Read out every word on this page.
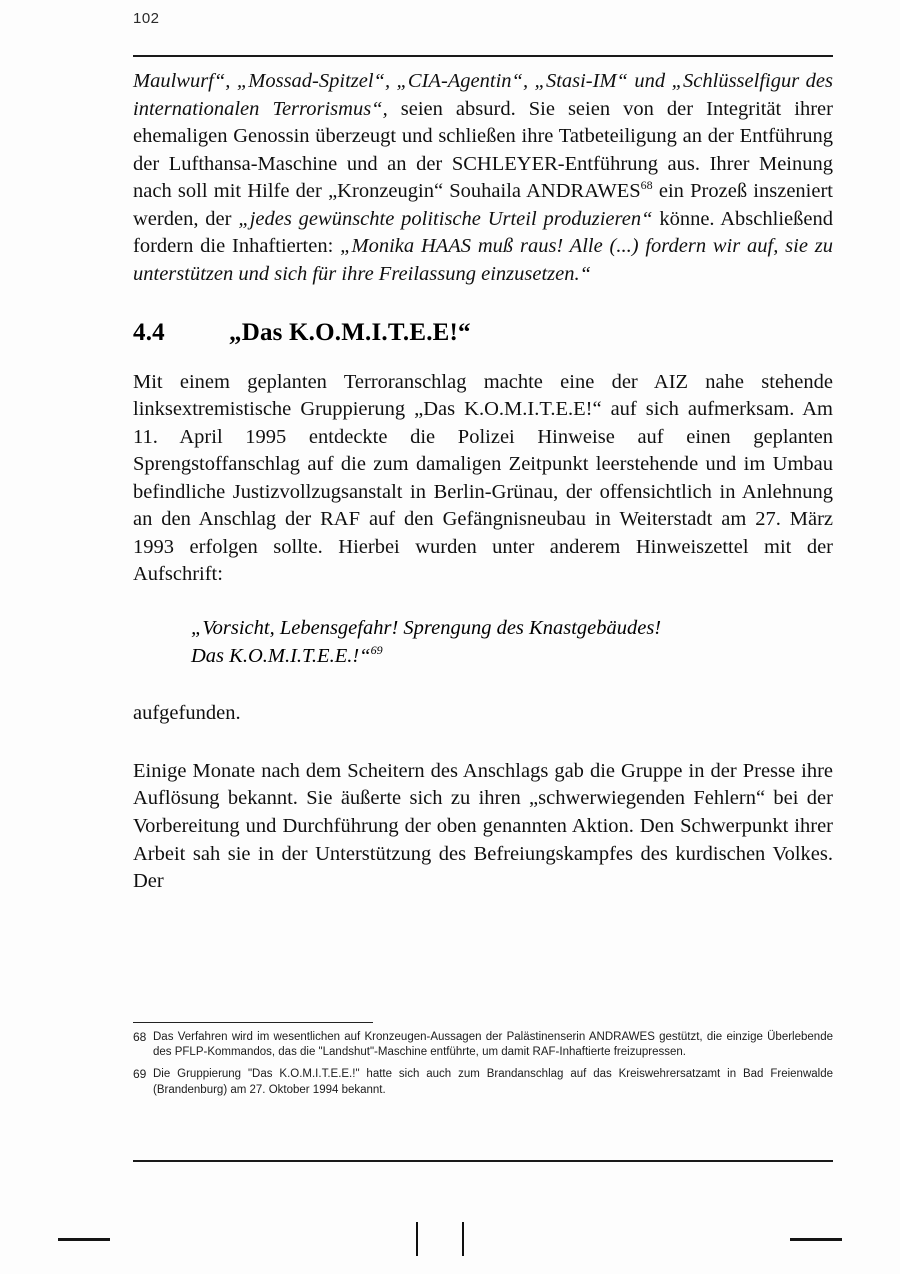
102

Maulwurf“, „Mossad-Spitzel“, „CIA-Agentin“, „Stasi-IM“ und „Schlüsselfigur des internationalen Terrorismus“, seien absurd. Sie seien von der Integrität ihrer ehemaligen Genossin überzeugt und schließen ihre Tatbeteiligung an der Entführung der Lufthansa-Maschine und an der SCHLEYER-Entführung aus. Ihrer Meinung nach soll mit Hilfe der „Kronzeugin“ Souhaila ANDRAWES$^{68}$ ein Prozeß inszeniert werden, der „jedes gewünschte politische Urteil produzieren“ könne. Abschließend fordern die Inhaftierten: „Monika HAAS muß raus! Alle (...) fordern wir auf, sie zu unterstützen und sich für ihre Freilassung einzusetzen.“

4.4	„Das K.O.M.I.T.E.E!“

Mit einem geplanten Terroranschlag machte eine der AIZ nahe stehende linksextremistische Gruppierung „Das K.O.M.I.T.E.E!“ auf sich aufmerksam. Am 11. April 1995 entdeckte die Polizei Hinweise auf einen geplanten Sprengstoffanschlag auf die zum damaligen Zeitpunkt leerstehende und im Umbau befindliche Justizvollzugsanstalt in Berlin-Grünau, der offensichtlich in Anlehnung an den Anschlag der RAF auf den Gefängnisneubau in Weiterstadt am 27. März 1993 erfolgen sollte. Hierbei wurden unter anderem Hinweiszettel mit der Aufschrift:

„Vorsicht, Lebensgefahr! Sprengung des Knastgebäudes!
Das K.O.M.I.T.E.E.!“$^{69}$

aufgefunden.

Einige Monate nach dem Scheitern des Anschlags gab die Gruppe in der Presse ihre Auflösung bekannt. Sie äußerte sich zu ihren „schwerwiegenden Fehlern“ bei der Vorbereitung und Durchführung der oben genannten Aktion. Den Schwerpunkt ihrer Arbeit sah sie in der Unterstützung des Befreiungskampfes des kurdischen Volkes. Der

68 Das Verfahren wird im wesentlichen auf Kronzeugen-Aussagen der Palästinenserin ANDRAWES gestützt, die einzige Überlebende des PFLP-Kommandos, das die "Landshut"-Maschine entführte, um damit RAF-Inhaftierte freizupressen.
69 Die Gruppierung "Das K.O.M.I.T.E.E.!" hatte sich auch zum Brandanschlag auf das Kreiswehrersatzamt in Bad Freienwalde (Brandenburg) am 27. Oktober 1994 bekannt.
